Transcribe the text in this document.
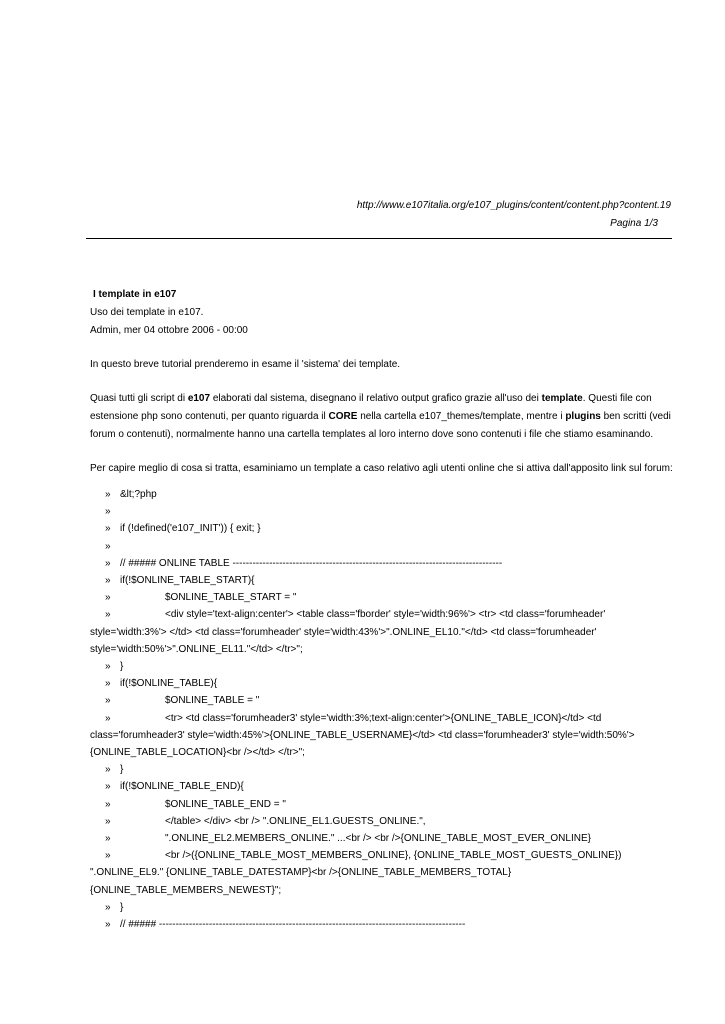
http://www.e107italia.org/e107_plugins/content/content.php?content.19
Pagina 1/3
I template in e107
Uso dei template in e107.
Admin, mer 04 ottobre 2006 - 00:00
In questo breve tutorial prenderemo in esame il 'sistema' dei template.
Quasi tutti gli script di e107 elaborati dal sistema, disegnano il relativo output grafico grazie all'uso dei template. Questi file con estensione php sono contenuti, per quanto riguarda il CORE nella cartella e107_themes/template, mentre i plugins ben scritti (vedi forum o contenuti), normalmente hanno una cartella templates al loro interno dove sono contenuti i file che stiamo esaminando.
Per capire meglio di cosa si tratta, esaminiamo un template a caso relativo agli utenti online che si attiva dall'apposito link sul forum:
» &lt;?php
»
» if (!defined('e107_INIT')) { exit; }
»
» // ##### ONLINE TABLE ---------------------------------------------------------------------------------
» if(!$ONLINE_TABLE_START){
»	$ONLINE_TABLE_START = "
»	<div style='text-align:center'> <table class='fborder' style='width:96%'> <tr> <td class='forumheader' style='width:3%'> </td> <td class='forumheader' style='width:43%'>".ONLINE_EL10."</td> <td class='forumheader' style='width:50%'>".ONLINE_EL11."</td> </tr>";
» }
» if(!$ONLINE_TABLE){
»	$ONLINE_TABLE = "
»	<tr> <td class='forumheader3' style='width:3%;text-align:center'>{ONLINE_TABLE_ICON}</td> <td class='forumheader3' style='width:45%'>{ONLINE_TABLE_USERNAME}</td> <td class='forumheader3' style='width:50%'>{ONLINE_TABLE_LOCATION}<br /></td> </tr>";
» }
» if(!$ONLINE_TABLE_END){
»	$ONLINE_TABLE_END = "
»	</table> </div> <br /> ".ONLINE_EL1.GUESTS_ONLINE.",
»	".ONLINE_EL2.MEMBERS_ONLINE." ...<br /> <br />{ONLINE_TABLE_MOST_EVER_ONLINE}
»	<br />({ONLINE_TABLE_MOST_MEMBERS_ONLINE}, {ONLINE_TABLE_MOST_GUESTS_ONLINE}) ".ONLINE_EL9." {ONLINE_TABLE_DATESTAMP}<br />{ONLINE_TABLE_MEMBERS_TOTAL}{ONLINE_TABLE_MEMBERS_NEWEST}";
» }
» // ##### --------------------------------------------------------------------------------------------
